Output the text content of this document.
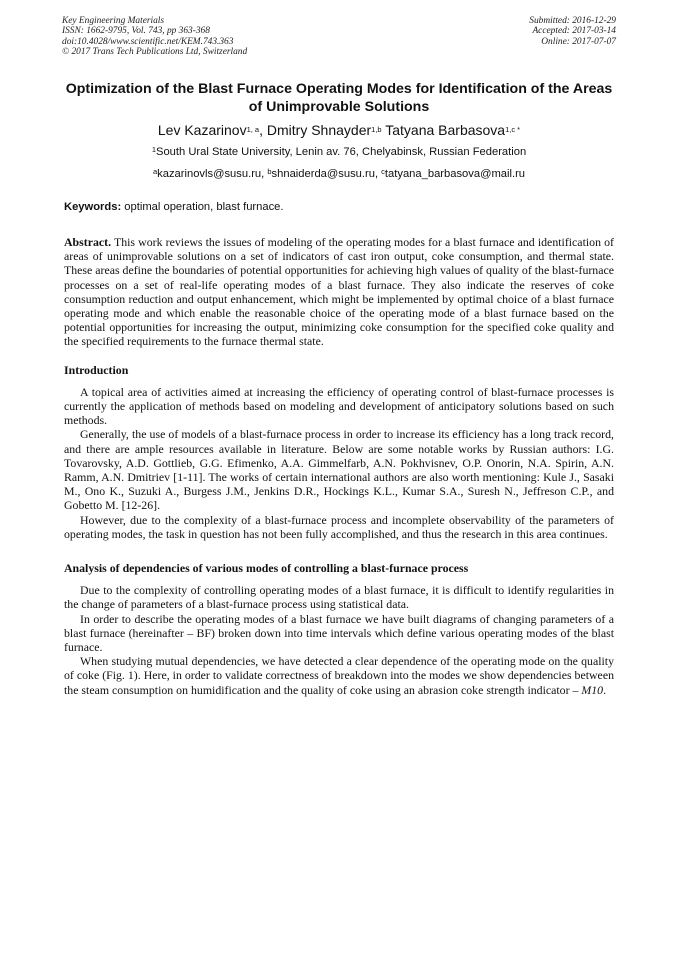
Key Engineering Materials
ISSN: 1662-9795, Vol. 743, pp 363-368
doi:10.4028/www.scientific.net/KEM.743.363
© 2017 Trans Tech Publications Ltd, Switzerland
Submitted: 2016-12-29
Accepted: 2017-03-14
Online: 2017-07-07
Optimization of the Blast Furnace Operating Modes for Identification of the Areas of Unimprovable Solutions
Lev Kazarinov$^{1, a}$, Dmitry Shnayder$^{1,b}$ Tatyana Barbasova$^{1,c *}$
$^1$South Ural State University, Lenin av. 76, Chelyabinsk, Russian Federation
$^a$kazarinovls@susu.ru, $^b$shnaiderda@susu.ru, $^c$tatyana_barbasova@mail.ru
Keywords: optimal operation, blast furnace.

Abstract. This work reviews the issues of modeling of the operating modes for a blast furnace and identification of areas of unimprovable solutions on a set of indicators of cast iron output, coke consumption, and thermal state. These areas define the boundaries of potential opportunities for achieving high values of quality of the blast-furnace processes on a set of real-life operating modes of a blast furnace. They also indicate the reserves of coke consumption reduction and output enhancement, which might be implemented by optimal choice of a blast furnace operating mode and which enable the reasonable choice of the operating mode of a blast furnace based on the potential opportunities for increasing the output, minimizing coke consumption for the specified coke quality and the specified requirements to the furnace thermal state.

Introduction

A topical area of activities aimed at increasing the efficiency of operating control of blast-furnace processes is currently the application of methods based on modeling and development of anticipatory solutions based on such methods.

Generally, the use of models of a blast-furnace process in order to increase its efficiency has a long track record, and there are ample resources available in literature. Below are some notable works by Russian authors: I.G. Tovarovsky, A.D. Gottlieb, G.G. Efimenko, A.A. Gimmelfarb, A.N. Pokhvisnev, O.P. Onorin, N.A. Spirin, A.N. Ramm, A.N. Dmitriev [1-11]. The works of certain international authors are also worth mentioning: Kule J., Sasaki M., Ono K., Suzuki A., Burgess J.M., Jenkins D.R., Hockings K.L., Kumar S.A., Suresh N., Jeffreson C.P., and Gobetto M. [12-26].

However, due to the complexity of a blast-furnace process and incomplete observability of the parameters of operating modes, the task in question has not been fully accomplished, and thus the research in this area continues.

Analysis of dependencies of various modes of controlling a blast-furnace process

Due to the complexity of controlling operating modes of a blast furnace, it is difficult to identify regularities in the change of parameters of a blast-furnace process using statistical data.

In order to describe the operating modes of a blast furnace we have built diagrams of changing parameters of a blast furnace (hereinafter – BF) broken down into time intervals which define various operating modes of the blast furnace.

When studying mutual dependencies, we have detected a clear dependence of the operating mode on the quality of coke (Fig. 1). Here, in order to validate correctness of breakdown into the modes we show dependencies between the steam consumption on humidification and the quality of coke using an abrasion coke strength indicator – M10.
